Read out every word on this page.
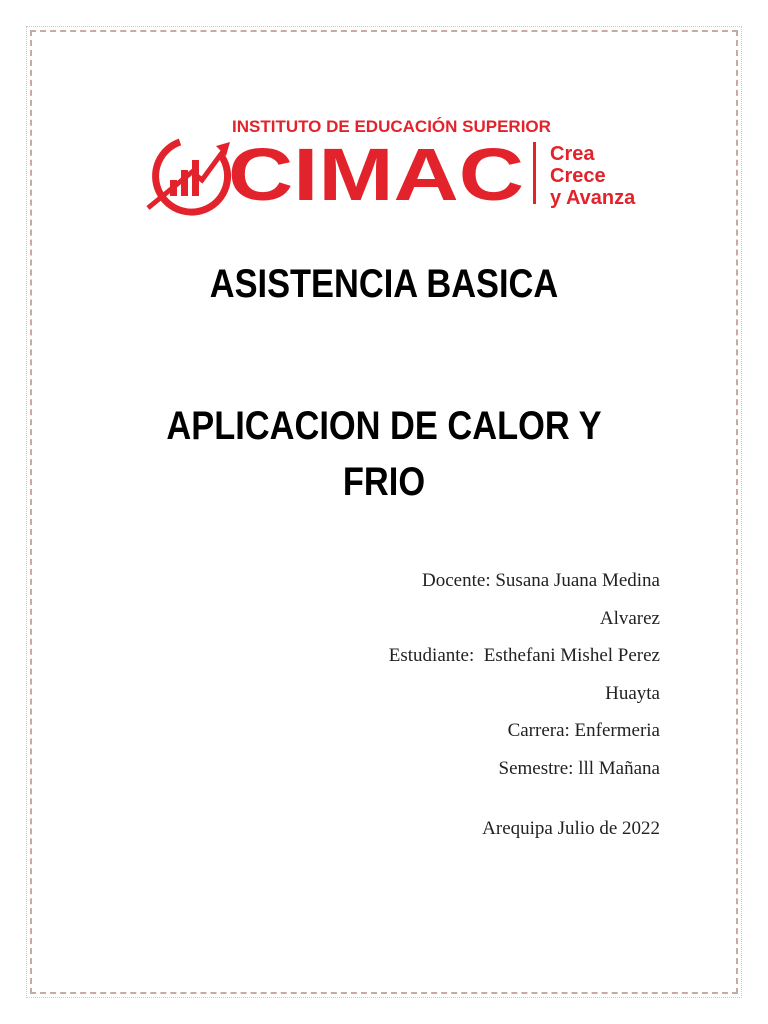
INSTITUTO DE EDUCACIÓN SUPERIOR
CIMAC Crea
Crece
y Avanza
ASISTENCIA BASICA
APLICACION DE CALOR Y
FRIO
Docente: Susana Juana Medina
Alvarez
Estudiante:  Esthefani Mishel Perez
Huayta
Carrera: Enfermeria
Semestre: lll Mañana
Arequipa Julio de 2022
